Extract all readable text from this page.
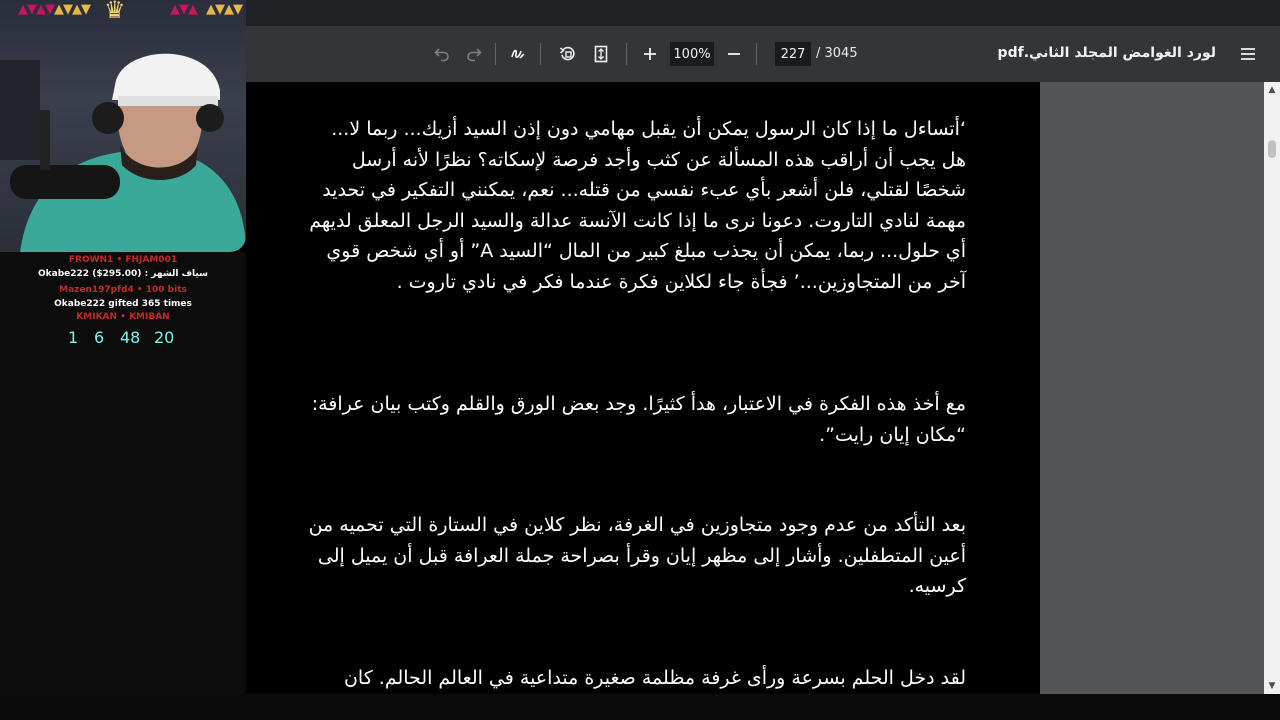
100%	227 / 3045	لورد الغوامض المجلد الثاني.pdf
‘أتساءل ما إذا كان الرسول يمكن أن يقبل مهامي دون إذن السيد أزيك... ربما لا... هل يجب أن أراقب هذه المسألة عن كثب وأجد فرصة لإسكاته؟ نظرًا لأنه أرسل شخصًا لقتلي، فلن أشعر بأي عبء نفسي من قتله... نعم، يمكنني التفكير في تحديد مهمة لنادي التاروت. دعونا نرى ما إذا كانت الآنسة عدالة والسيد الرجل المعلق لديهم أي حلول... ربما، يمكن أن يجذب مبلغ كبير من المال “السيد A” أو أي شخص قوي آخر من المتجاوزين...’ فجأة جاء لكلاين فكرة عندما فكر في نادي تاروت .
مع أخذ هذه الفكرة في الاعتبار، هدأ كثيرًا. وجد بعض الورق والقلم وكتب بيان عرافة: “مكان إيان رايت”.
بعد التأكد من عدم وجود متجاوزين في الغرفة، نظر كلاين في الستارة التي تحميه من أعين المتطفلين. وأشار إلى مظهر إيان وقرأ بصراحة جملة العرافة قبل أن يميل إلى كرسيه.
لقد دخل الحلم بسرعة ورأى غرفة مظلمة صغيرة متداعية في العالم الحالم. كان
▲
▼
▲▼▲▼ ▲▼▲▼ ♛	▲▼▲ ▲▼▲▼
FROWN1 • FHJAM001
سياف الشهر : Okabe222 ($295.00)
Mazen197pfd4 • 100 bits
Okabe222 gifted 365 times
KMIKAN • KMIBAN
1 6 48 20
